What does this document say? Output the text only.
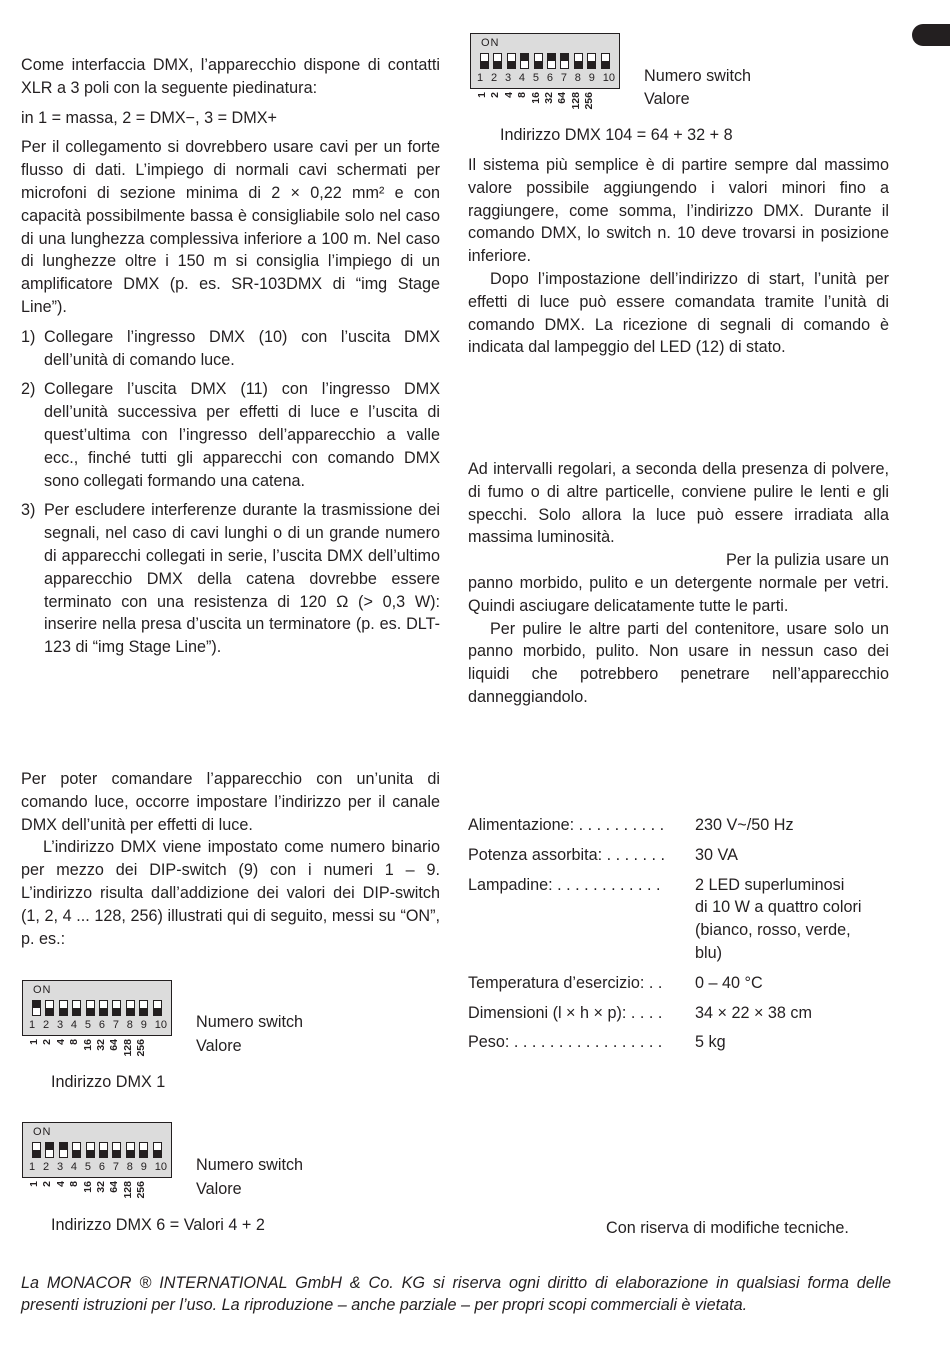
Come interfaccia DMX, l’apparecchio dispone di contatti XLR a 3 poli con la seguente piedinatura:

in 1 = massa, 2 = DMX−, 3 = DMX+

Per il collegamento si dovrebbero usare cavi per un forte flusso di dati. L’impiego di normali cavi schermati per microfoni di sezione minima di 2 × 0,22 mm² e con capacità possibilmente bassa è consigliabile solo nel caso di una lunghezza complessiva inferiore a 100 m. Nel caso di lunghezze oltre i 150 m si consiglia l’impiego di un amplificatore DMX (p. es. SR-103DMX di “img Stage Line”).

1) Collegare l’ingresso DMX (10) con l’uscita DMX dell’unità di comando luce.
2) Collegare l’uscita DMX (11) con l’ingresso DMX dell’unità successiva per effetti di luce e l’uscita di quest’ultima con l’ingresso dell’apparecchio a valle ecc., finché tutti gli apparecchi con comando DMX sono collegati formando una catena.
3) Per escludere interferenze durante la trasmissione dei segnali, nel caso di cavi lunghi o di un grande numero di apparecchi collegati in serie, l’uscita DMX dell’ultimo apparecchio DMX della catena dovrebbe essere terminato con una resistenza di 120 Ω (> 0,3 W): inserire nella presa d’uscita un terminatore (p. es. DLT-123 di “img Stage Line”).

Per poter comandare l’apparecchio con un’unita di comando luce, occorre impostare l’indirizzo per il canale DMX dell’unità per effetti di luce.

L’indirizzo DMX viene impostato come numero binario per mezzo dei DIP-switch (9) con i numeri 1 – 9. L’indirizzo risulta dall’addizione dei valori dei DIP-switch (1, 2, 4 ... 128, 256) illustrati qui di seguito, messi su “ON”, p. es.:

ON
1 2 3 4 5 6 7 8 9 10
1 2 4 8 16 32 64 128 256
Numero switch
Valore
Indirizzo DMX 1
ON
1 2 3 4 5 6 7 8 9 10
1 2 4 8 16 32 64 128 256
Numero switch
Valore
Indirizzo DMX 6 = Valori 4 + 2
ON
1 2 3 4 5 6 7 8 9 10
1 2 4 8 16 32 64 128 256
Numero switch
Valore
Indirizzo DMX 104 = 64 + 32 + 8

Il sistema più semplice è di partire sempre dal massimo valore possibile aggiungendo i valori minori fino a raggiungere, come somma, l’indirizzo DMX. Durante il comando DMX, lo switch n. 10 deve trovarsi in posizione inferiore.

Dopo l’impostazione dell’indirizzo di start, l’unità per effetti di luce può essere comandata tramite l’unità di comando DMX. La ricezione di segnali di comando è indicata dal lampeggio del LED (12) di stato.

Ad intervalli regolari, a seconda della presenza di polvere, di fumo o di altre particelle, conviene pulire le lenti e gli specchi. Solo allora la luce può essere irradiata alla massima luminosità.

Per la pulizia usare un panno morbido, pulito e un detergente normale per vetri. Quindi asciugare delicatamente tutte le parti.

Per pulire le altre parti del contenitore, usare solo un panno morbido, pulito. Non usare in nessun caso dei liquidi che potrebbero penetrare nell’apparecchio danneggiandolo.

Alimentazione: . . . . . . . . . .	230 V~/50 Hz
Potenza assorbita: . . . . . . .	30 VA
Lampadine: . . . . . . . . . . . .	2 LED superluminosi
di 10 W a quattro colori
(bianco, rosso, verde,
blu)
Temperatura d’esercizio: . .	0 – 40 °C
Dimensioni (l × h × p): . . . .	34 × 22 × 38 cm
Peso: . . . . . . . . . . . . . . . . .	5 kg
Con riserva di modifiche tecniche.
La MONACOR ® INTERNATIONAL GmbH & Co. KG si riserva ogni diritto di elaborazione in qualsiasi forma delle presenti istruzioni per l’uso. La riproduzione – anche parziale – per propri scopi commerciali è vietata.
